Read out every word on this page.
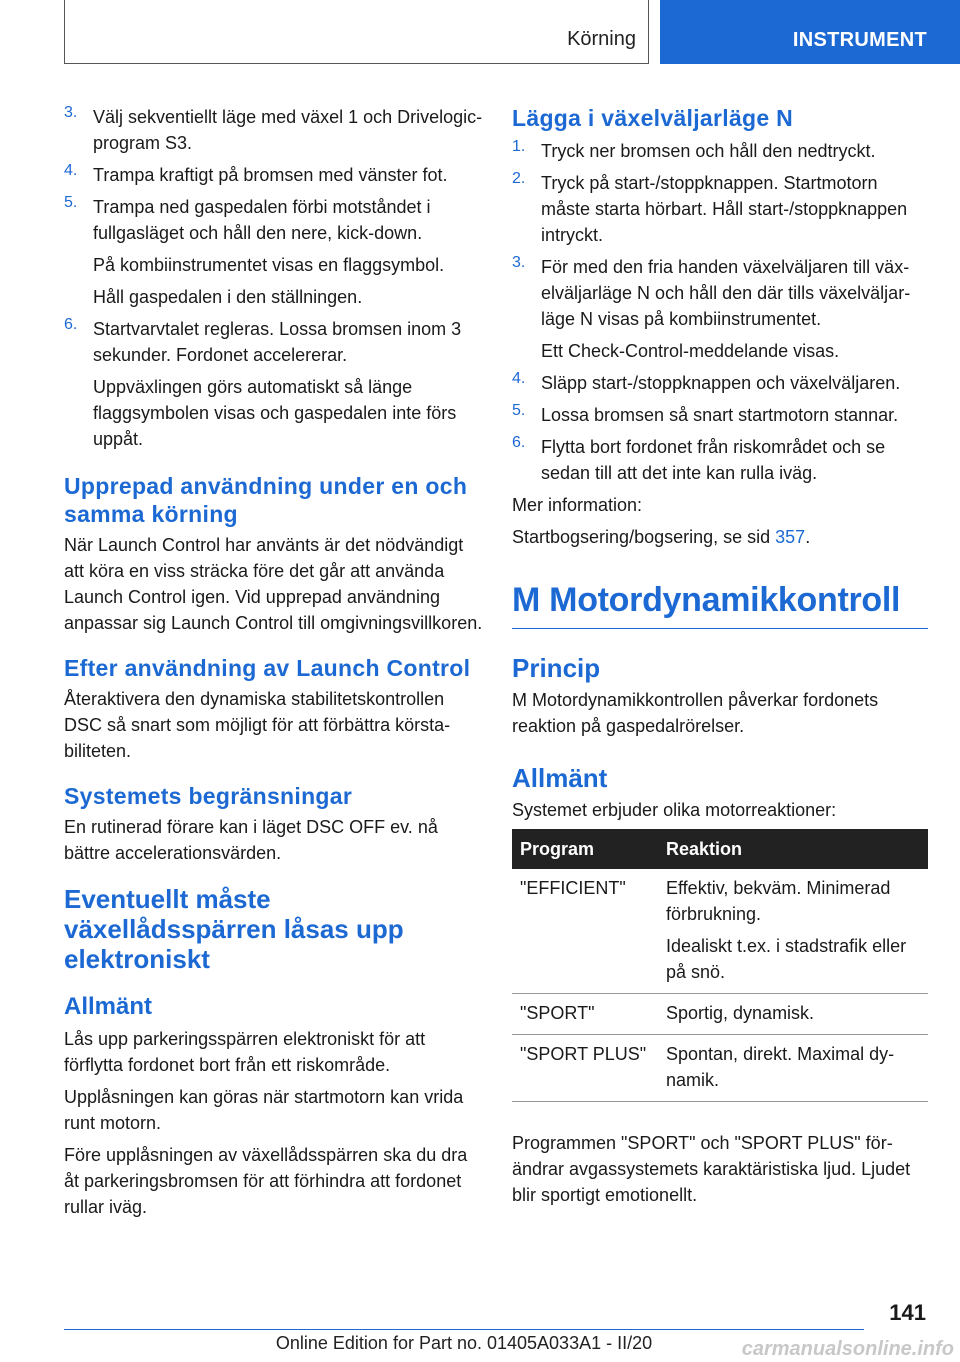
Körning	INSTRUMENT
3. Välj sekventiellt läge med växel 1 och Drivelogic-program S3.

4. Trampa kraftigt på bromsen med vänster fot.

5. Trampa ned gaspedalen förbi motståndet i fullgasläget och håll den nere, kick-down.

På kombiinstrumentet visas en flaggsymbol.

Håll gaspedalen i den ställningen.

6. Startvarvtalet regleras. Lossa bromsen inom 3 sekunder. Fordonet accelererar.

Uppväxlingen görs automatiskt så länge flaggsymbolen visas och gaspedalen inte förs uppåt.

Upprepad användning under en och samma körning

När Launch Control har använts är det nödvändigt att köra en viss sträcka före det går att använda Launch Control igen. Vid upprepad användning anpassar sig Launch Control till omgivningsvillkoren.

Efter användning av Launch Control

Återaktivera den dynamiska stabilitetskontrollen DSC så snart som möjligt för att förbättra körstabiliteten.

Systemets begränsningar

En rutinerad förare kan i läget DSC OFF ev. nå bättre accelerationsvärden.

Eventuellt måste växellådsspärren låsas upp elektroniskt
Allmänt

Lås upp parkeringsspärren elektroniskt för att förflytta fordonet bort från ett riskområde.

Upplåsningen kan göras när startmotorn kan vrida runt motorn.

Före upplåsningen av växellådsspärren ska du dra åt parkeringsbromsen för att förhindra att fordonet rullar iväg.

Lägga i växelväljarläge N
1. Tryck ner bromsen och håll den nedtryckt.

2. Tryck på start-/stoppknappen. Startmotorn måste starta hörbart. Håll start-/stoppknappen intryckt.

3. För med den fria handen växelväljaren till växelväljarläge N och håll den där tills växelväljarläge N visas på kombiinstrumentet.

Ett Check-Control-meddelande visas.

4. Släpp start-/stoppknappen och växelväljaren.

5. Lossa bromsen så snart startmotorn stannar.

6. Flytta bort fordonet från riskområdet och se sedan till att det inte kan rulla iväg.

Mer information:

Startbogsering/bogsering, se sid 357.

M Motordynamikkontroll
Princip

M Motordynamikkontrollen påverkar fordonets reaktion på gaspedalrörelser.

Allmänt

Systemet erbjuder olika motorreaktioner:

Program	Reaktion
"EFFICIENT"	Effektiv, bekväm. Minimerad förbrukning.
Idealiskt t.ex. i stadstrafik eller på snö.

"SPORT"	Sportig, dynamisk.

"SPORT PLUS"	Spontan, direkt. Maximal dynamik.

Programmen "SPORT" och "SPORT PLUS" förändrar avgassystemets karaktäristiska ljud. Ljudet blir sportigt emotionellt.

141
Online Edition for Part no. 01405A033A1 - II/20	carmanualsonline.info
